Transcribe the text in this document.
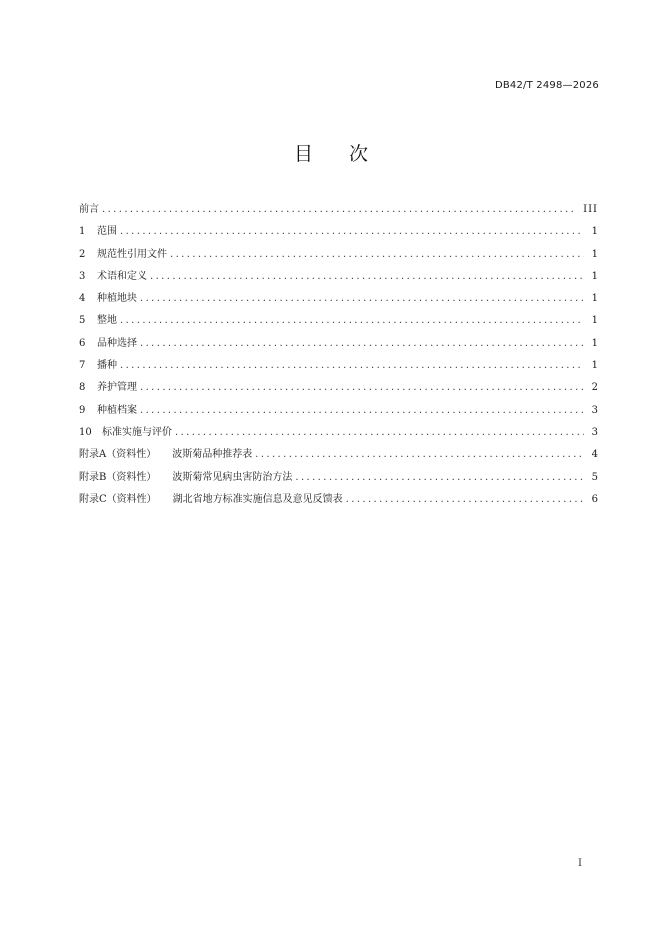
DB42/T 2498—2026
目 次
前言 .....	III
1 范围 .....	1
2 规范性引用文件 .....	1
3 术语和定义 .....	1
4 种植地块 .....	1
5 整地 .....	1
6 品种选择 .....	1
7 播种 .....	1
8 养护管理 .....	2
9 种植档案 .....	3
10 标准实施与评价 .....	3
附录A（资料性） 波斯菊品种推荐表 .....	4
附录B（资料性） 波斯菊常见病虫害防治方法 .....	5
附录C（资料性） 湖北省地方标准实施信息及意见反馈表 .....	6
I
